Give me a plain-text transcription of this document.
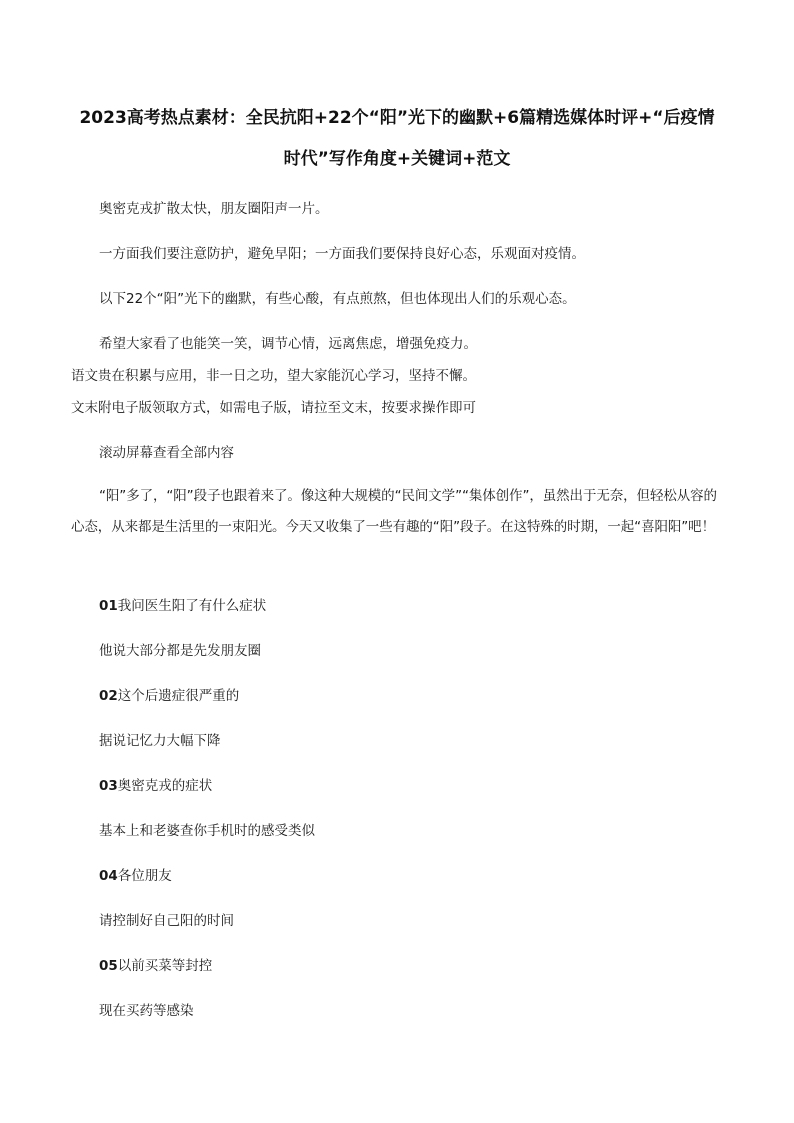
2023高考热点素材：全民抗阳+22个“阳”光下的幽默+6篇精选媒体时评+“后疫情时代”写作角度+关键词+范文

奥密克戎扩散太快，朋友圈阳声一片。

一方面我们要注意防护，避免早阳；一方面我们要保持良好心态，乐观面对疫情。

以下22个“阳”光下的幽默，有些心酸，有点煎熬，但也体现出人们的乐观心态。

希望大家看了也能笑一笑，调节心情，远离焦虑，增强免疫力。

语文贵在积累与应用，非一日之功，望大家能沉心学习，坚持不懈。

文末附电子版领取方式，如需电子版，请拉至文末，按要求操作即可

滚动屏幕查看全部内容

“阳”多了，“阳”段子也跟着来了。像这种大规模的“民间文学”“集体创作”，虽然出于无奈，但轻松从容的心态，从来都是生活里的一束阳光。今天又收集了一些有趣的“阳”段子。在这特殊的时期，一起“喜阳阳”吧！

01我问医生阳了有什么症状

他说大部分都是先发朋友圈

02这个后遗症很严重的

据说记忆力大幅下降

03奥密克戎的症状

基本上和老婆查你手机时的感受类似

04各位朋友

请控制好自己阳的时间

05以前买菜等封控

现在买药等感染
